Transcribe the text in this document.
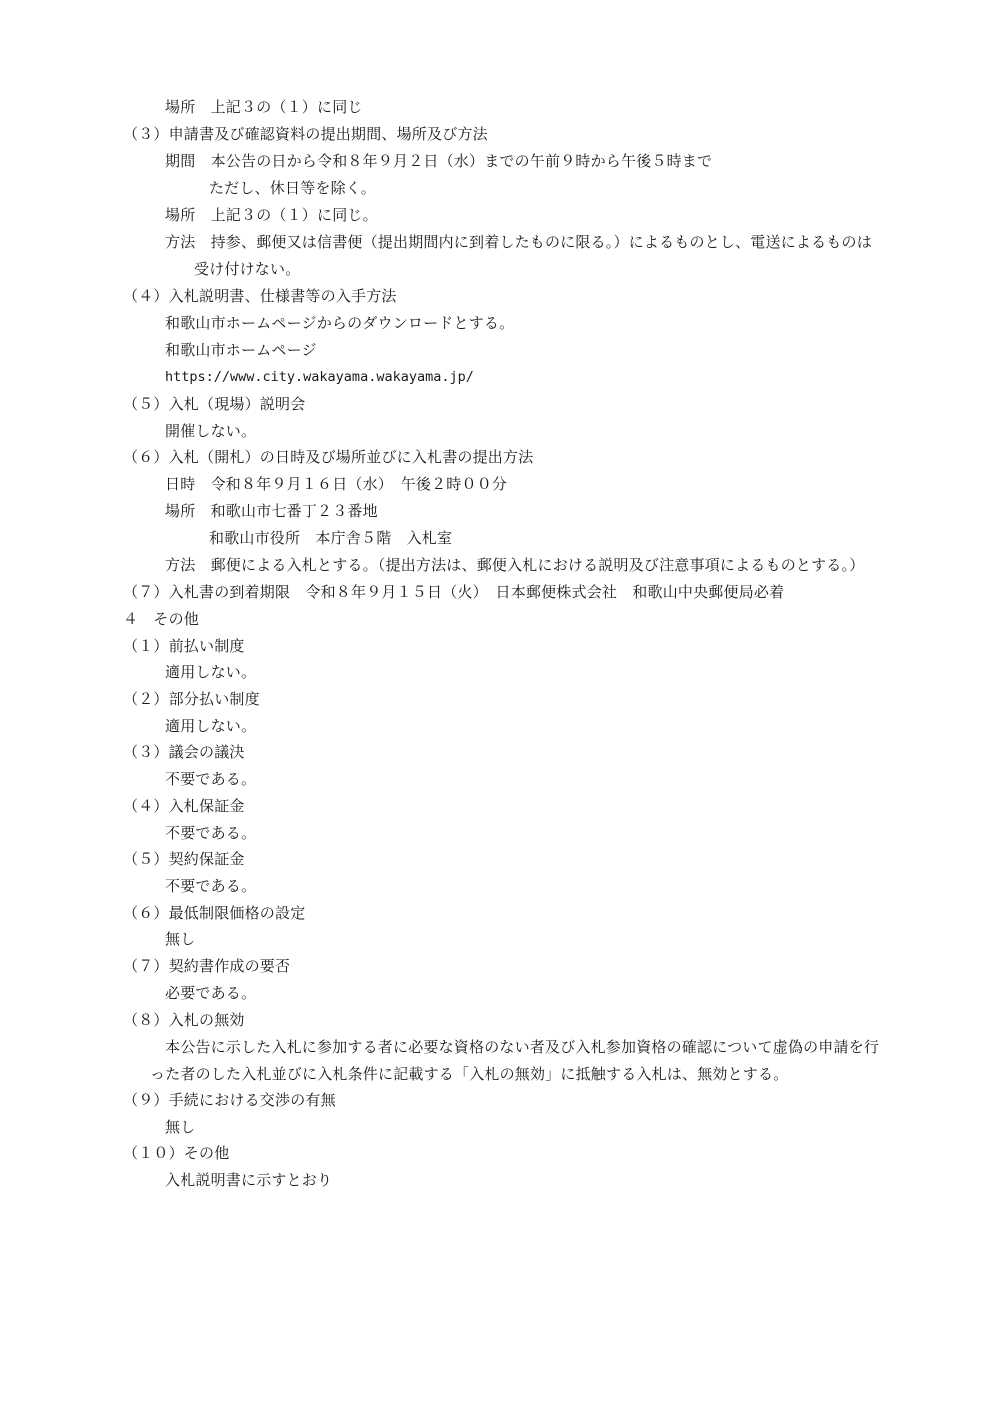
場所　上記３の（１）に同じ
（３）申請書及び確認資料の提出期間、場所及び方法
期間　本公告の日から令和８年９月２日（水）までの午前９時から午後５時まで
ただし、休日等を除く。
場所　上記３の（１）に同じ。
方法　持参、郵便又は信書便（提出期間内に到着したものに限る。）によるものとし、電送によるものは
受け付けない。
（４）入札説明書、仕様書等の入手方法
和歌山市ホームページからのダウンロードとする。
和歌山市ホームページ
https://www.city.wakayama.wakayama.jp/
（５）入札（現場）説明会
開催しない。
（６）入札（開札）の日時及び場所並びに入札書の提出方法
日時　令和８年９月１６日（水）　午後２時００分
場所　和歌山市七番丁２３番地
和歌山市役所　本庁舎５階　入札室
方法　郵便による入札とする。（提出方法は、郵便入札における説明及び注意事項によるものとする。）
（７）入札書の到着期限　令和８年９月１５日（火）　日本郵便株式会社　和歌山中央郵便局必着
４　その他
（１）前払い制度
適用しない。
（２）部分払い制度
適用しない。
（３）議会の議決
不要である。
（４）入札保証金
不要である。
（５）契約保証金
不要である。
（６）最低制限価格の設定
無し
（７）契約書作成の要否
必要である。
（８）入札の無効
本公告に示した入札に参加する者に必要な資格のない者及び入札参加資格の確認について虚偽の申請を行
った者のした入札並びに入札条件に記載する「入札の無効」に抵触する入札は、無効とする。
（９）手続における交渉の有無
無し
（１０）その他
入札説明書に示すとおり
